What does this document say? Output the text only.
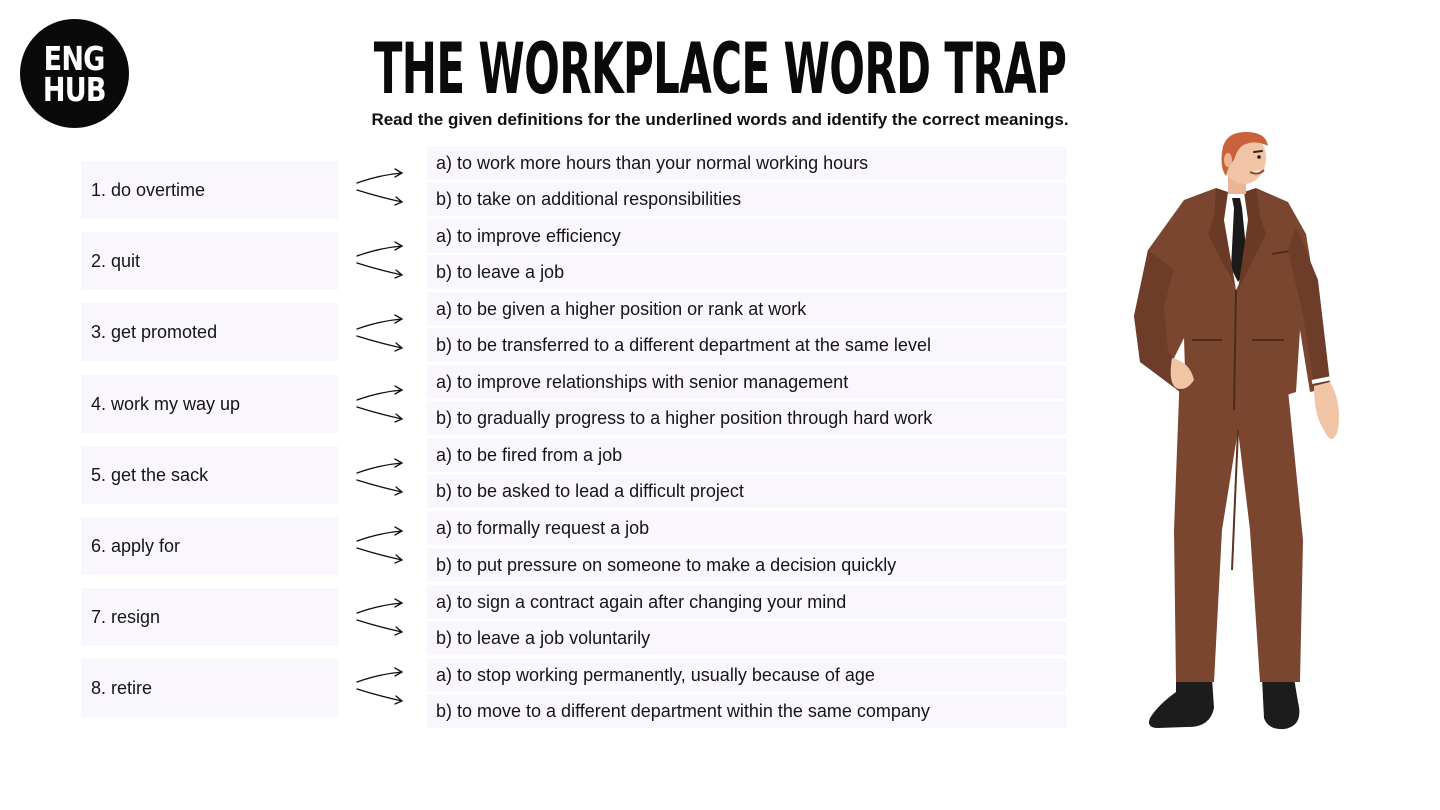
ENG
HUB	THE WORKPLACE WORD TRAP
Read the given definitions for the underlined words and identify the correct meanings.
1. do overtime
a) to work more hours than your normal working hours
b) to take on additional responsibilities
2. quit
a) to improve efficiency
b) to leave a job
3. get promoted
a) to be given a higher position or rank at work
b) to be transferred to a different department at the same level
4. work my way up
a) to improve relationships with senior management
b) to gradually progress to a higher position through hard work
5. get the sack
a) to be fired from a job
b) to be asked to lead a difficult project
6. apply for
a) to formally request a job
b) to put pressure on someone to make a decision quickly
7. resign
a) to sign a contract again after changing your mind
b) to leave a job voluntarily
8. retire
a) to stop working permanently, usually because of age
b) to move to a different department within the same company
